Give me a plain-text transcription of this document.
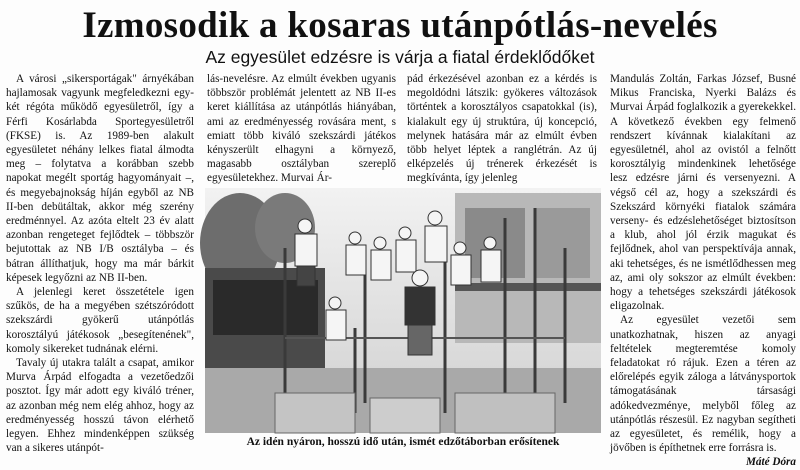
Izmosodik a kosaras utánpótlás-nevelés
Az egyesület edzésre is várja a fiatal érdeklődőket

A városi „sikersportágak" árnyékában hajlamosak vagyunk megfeledkezni egy-két régóta működő egyesületről, így a Férfi Kosárlabda Sportegyesületről (FKSE) is. Az 1989-ben alakult egyesületet néhány lelkes fiatal álmodta meg – folytatva a korábban szebb napokat megélt sportág hagyományait –, és megyebajnokság híján egyből az NB II-ben debütáltak, akkor még szerény eredménnyel. Az azóta eltelt 23 év alatt azonban rengeteget fejlődtek – többször bejutottak az NB I/B osztályba – és bátran állíthatjuk, hogy ma már bárkit képesek legyőzni az NB II-ben.

A jelenlegi keret összetétele igen szűkös, de ha a megyében szétszóródott szekszárdi gyökerű utánpótlás korosztályú játékosok „besegítenének", komoly sikereket tudnának elérni.

Tavaly új utakra talált a csapat, amikor Murva Árpád elfogadta a vezetőedzői posztot. Így már adott egy kiváló tréner, az azonban még nem elég ahhoz, hogy az eredményesség hosszú távon elérhető legyen. Ehhez mindenképpen szükség van a sikeres utánpót-

lás-nevelésre. Az elmúlt években ugyanis többször problémát jelentett az NB II-es keret kiállítása az utánpótlás hiányában, ami az eredményesség rovására ment, s emiatt több kiváló szekszárdi játékos kényszerült elhagyni a környező, magasabb osztályban szereplő egyesületekhez. Murvai Ár-

pád érkezésével azonban ez a kérdés is megoldódni látszik: gyökeres változások történtek a korosztályos csapatokkal (is), kialakult egy új struktúra, új koncepció, melynek hatására már az elmúlt évben több helyet léptek a ranglétrán. Az új elképzelés új trénerek érkezését is megkívánta, így jelenleg

Mandulás Zoltán, Farkas József, Busné Mikus Franciska, Nyerki Balázs és Murvai Árpád foglalkozik a gyerekekkel. A következő években egy felmenő rendszert kívánnak kialakítani az egyesületnél, ahol az ovistól a felnőtt korosztályig mindenkinek lehetősége lesz edzésre járni és versenyezni. A végső cél az, hogy a szekszárdi és Szekszárd környéki fiatalok számára verseny- és edzéslehetőséget biztosítson a klub, ahol jól érzik magukat és fejlődnek, ahol van perspektívája annak, aki tehetséges, és ne ismétlődhessen meg az, ami oly sokszor az elmúlt években: hogy a tehetséges szekszárdi játékosok eligazolnak.

Az egyesület vezetői sem unatkozhatnak, hiszen az anyagi feltételek megteremtése komoly feladatokat ró rájuk. Ezen a téren az előrelépés egyik záloga a látványsportok támogatásának társasági adókedvezménye, melyből főleg az utánpótlás részesül. Ez nagyban segítheti az egyesületet, és remélik, hogy a jövőben is építhetnek erre forrásra is.

Máté Dóra

Az idén nyáron, hosszú idő után, ismét edzőtáborban erősítenek
